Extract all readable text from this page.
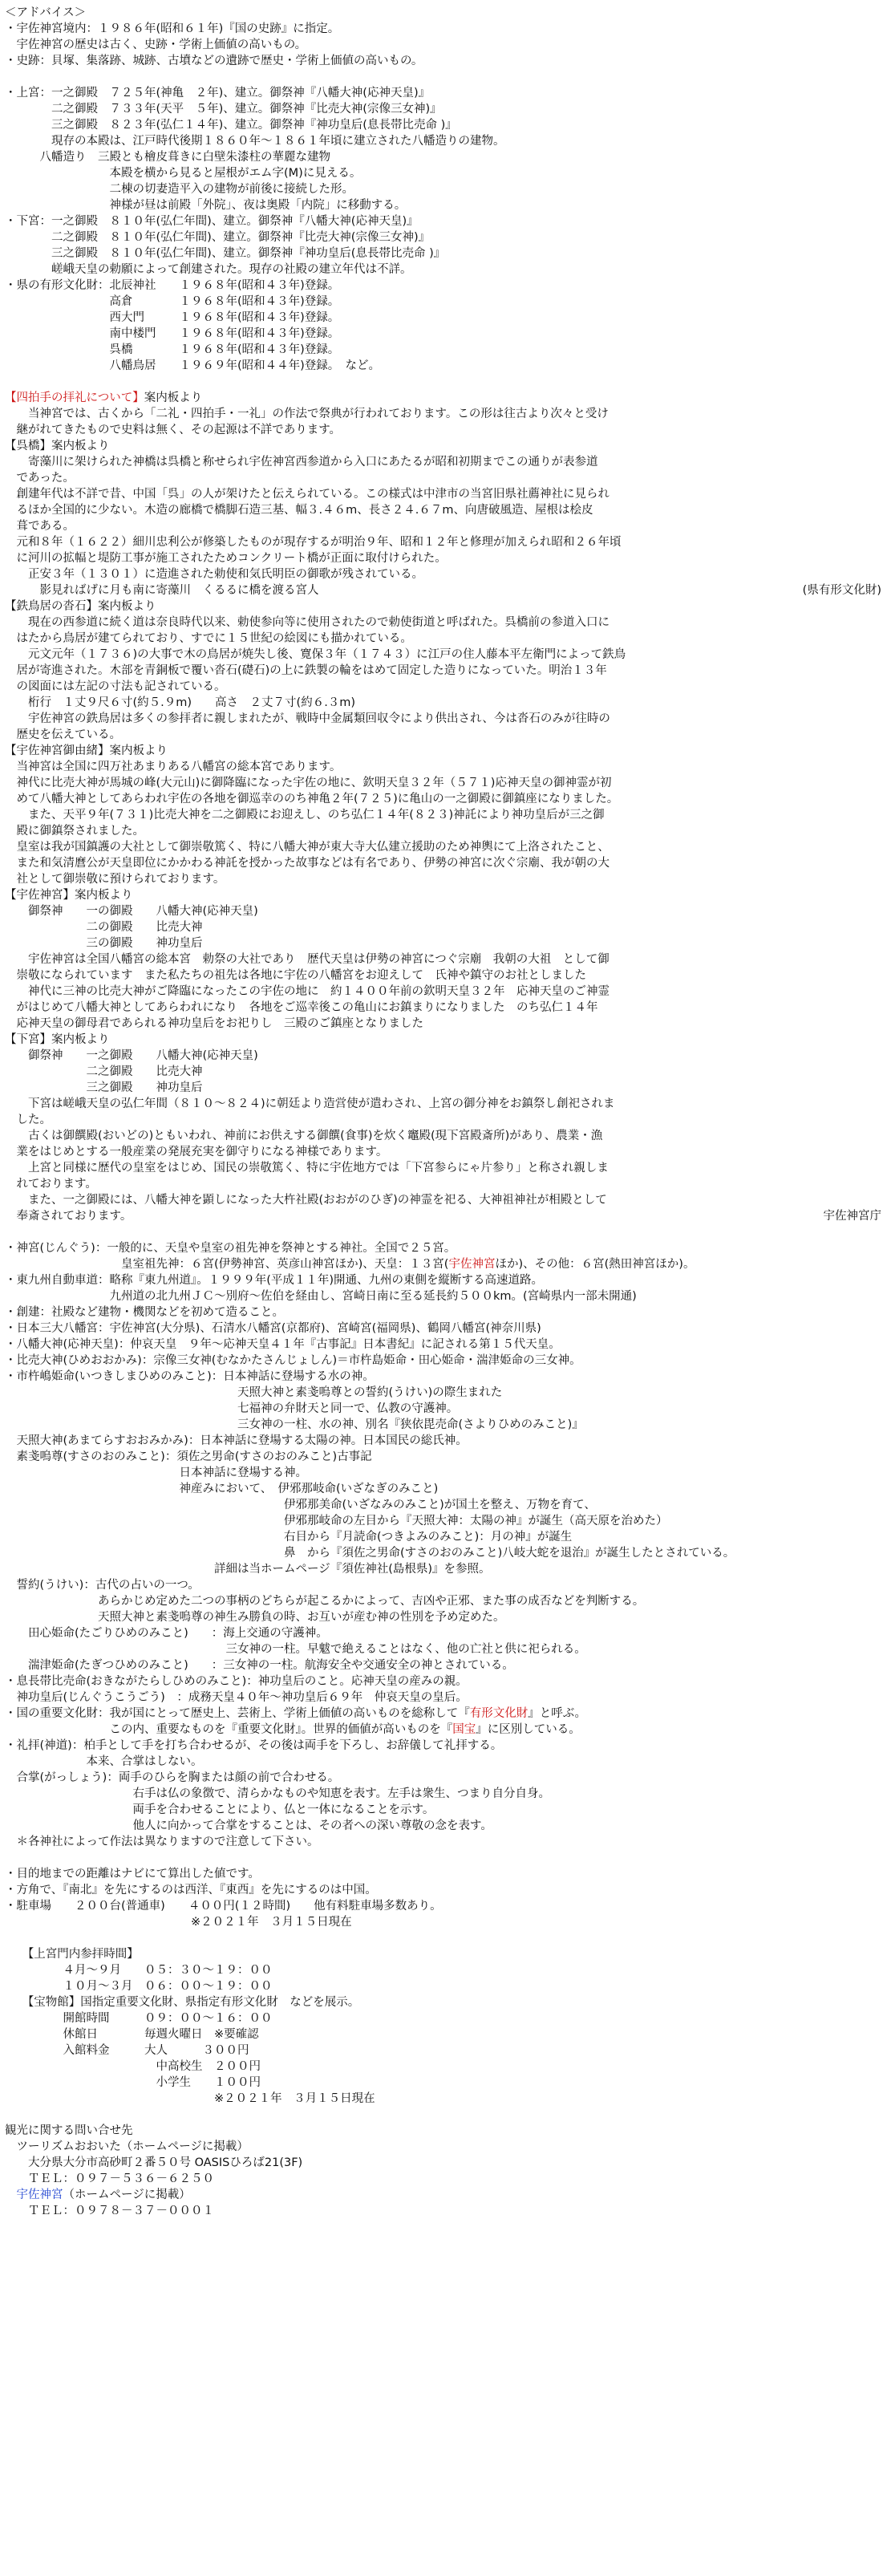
＜アドバイス＞
・宇佐神宮境内：１９８６年(昭和６１年)『国の史跡』に指定。
　宇佐神宮の歴史は古く、史跡・学術上価値の高いもの。
・史跡：貝塚、集落跡、城跡、古墳などの遺跡で歴史・学術上価値の高いもの。
・上宮：一之御殿　７２５年(神亀　２年)、建立。御祭神『八幡大神(応神天皇)』
　　　　二之御殿　７３３年(天平　５年)、建立。御祭神『比売大神(宗像三女神)』
　　　　三之御殿　８２３年(弘仁１４年)、建立。御祭神『神功皇后(息長帯比売命 )』
　　　　現存の本殿は、江戸時代後期１８６０年～１８６１年頃に建立された八幡造りの建物。
　　　八幡造り　三殿とも檜皮葺きに白壁朱漆柱の華麗な建物
　　　　　　　　　本殿を横から見ると屋根がエム字(M)に見える。
　　　　　　　　　二棟の切妻造平入の建物が前後に接続した形。
　　　　　　　　　神様が昼は前殿「外院」、夜は奥殿「内院」に移動する。
・下宮：一之御殿　８１０年(弘仁年間)、建立。御祭神『八幡大神(応神天皇)』
　　　　二之御殿　８１０年(弘仁年間)、建立。御祭神『比売大神(宗像三女神)』
　　　　三之御殿　８１０年(弘仁年間)、建立。御祭神『神功皇后(息長帯比売命 )』
　　　　嵯峨天皇の勅願によって創建された。現存の社殿の建立年代は不詳。
・県の有形文化財：北辰神社　　１９６８年(昭和４３年)登録。
　　　　　　　　　高倉　　　　１９６８年(昭和４３年)登録。
　　　　　　　　　西大門　　　１９６８年(昭和４３年)登録。
　　　　　　　　　南中楼門　　１９６８年(昭和４３年)登録。
　　　　　　　　　呉橋　　　　１９６８年(昭和４３年)登録。
　　　　　　　　　八幡鳥居　　１９６９年(昭和４４年)登録。　など。
【四拍手の拝礼について】案内板より
　　当神宮では、古くから「二礼・四拍手・一礼」の作法で祭典が行われております。この形は往古より次々と受け
　継がれてきたもので史料は無く、その起源は不詳であります。
【呉橋】案内板より
　　寄藻川に架けられた神橋は呉橋と称せられ宇佐神宮西参道から入口にあたるが昭和初期までこの通りが表参道
　であった。
　創建年代は不詳で昔、中国「呉」の人が架けたと伝えられている。この様式は中津市の当宮旧県社薦神社に見られ
　るほか全国的に少ない。木造の廊橋で橋脚石造三基、幅３.４６m、長さ２４.６７m、向唐破風造、屋根は桧皮
　葺である。
　元和８年（１６２２）細川忠利公が修築したものが現存するが明治９年、昭和１２年と修理が加えられ昭和２６年頃
　に河川の拡幅と堤防工事が施工されたためコンクリート橋が正面に取付けられた。
　　正安３年（１３０１）に造進された勅使和気氏明臣の御歌が残されている。
　　　影見ればげに月も南に寄藻川　くるるに橋を渡る宮人	(県有形文化財)
【鉄鳥居の沓石】案内板より
　　現在の西参道に続く道は奈良時代以来、勅使参向等に使用されたので勅使街道と呼ばれた。呉橋前の参道入口に
　はたから鳥居が建てられており、すでに１５世紀の絵図にも描かれている。
　　元文元年（１７３６)の大事で木の鳥居が焼失し後、寛保３年（１７４３）に江戸の住人藤本平左衛門によって鉄鳥
　居が寄進された。木部を青銅板で覆い沓石(礎石)の上に鉄製の輪をはめて固定した造りになっていた。明治１３年
　の図面には左記の寸法も記されている。
　　桁行　１丈９尺６寸(約５.９m)　　高さ　２丈７寸(約６.３m)
　　宇佐神宮の鉄鳥居は多くの参拝者に親しまれたが、戦時中金属類回収令により供出され、今は沓石のみが往時の
　歴史を伝えている。
【宇佐神宮御由緒】案内板より
　当神宮は全国に四万社あまりある八幡宮の総本宮であります。
　神代に比売大神が馬城の峰(大元山)に御降臨になった宇佐の地に、欽明天皇３２年（５７１)応神天皇の御神霊が初
　めて八幡大神としてあらわれ宇佐の各地を御巡幸ののち神亀２年(７２５)に亀山の一之御殿に御鎮座になりました。
　　また、天平９年(７３１)比売大神を二之御殿にお迎えし、のち弘仁１４年(８２３)神託により神功皇后が三之御
　殿に御鎮祭されました。
　皇室は我が国鎮護の大社として御崇敬篤く、特に八幡大神が東大寺大仏建立援助のため神輿にて上洛されたこと、
　また和気清麿公が天皇即位にかかわる神託を授かった故事などは有名であり、伊勢の神宮に次ぐ宗廟、我が朝の大
　社として御崇敬に預けられております。
【宇佐神宮】案内板より
　　御祭神　　一の御殿　　八幡大神(応神天皇)
　　　　　　　二の御殿　　比売大神
　　　　　　　三の御殿　　神功皇后
　　宇佐神宮は全国八幡宮の総本宮　勅祭の大社であり　歴代天皇は伊勢の神宮につぐ宗廟　我朝の大祖　として御
　崇敬になられています　また私たちの祖先は各地に宇佐の八幡宮をお迎えして　氏神や鎮守のお社としました
　　神代に三神の比売大神がご降臨になったこの宇佐の地に　約１４００年前の欽明天皇３２年　応神天皇のご神霊
　がはじめて八幡大神としてあらわれになり　各地をご巡幸後この亀山にお鎮まりになりました　のち弘仁１４年
　応神天皇の御母君であられる神功皇后をお祀りし　三殿のご鎮座となりました
【下宮】案内板より
　　御祭神　　一之御殿　　八幡大神(応神天皇)
　　　　　　　二之御殿　　比売大神
　　　　　　　三之御殿　　神功皇后
　　下宮は嵯峨天皇の弘仁年間（８１０～８２４)に朝廷より造営使が遣わされ、上宮の御分神をお鎮祭し創祀されま
　した。
　　古くは御饌殿(おいどの)ともいわれ、神前にお供えする御饌(食事)を炊く竈殿(現下宮殿斎所)があり、農業・漁
　業をはじめとする一般産業の発展充実を御守りになる神様であります。
　　上宮と同様に歴代の皇室をはじめ、国民の崇敬篤く、特に宇佐地方では「下宮参らにゃ片参り」と称され親しま
　れております。
　　また、一之御殿には、八幡大神を顕しになった大杵社殿(おおがのひぎ)の神霊を祀る、大神祖神社が相殿として
　奉斎されております。	宇佐神宮庁
・神宮(じんぐう)：一般的に、天皇や皇室の祖先神を祭神とする神社。全国で２５宮。
　　　　　　　　　　皇室祖先神：６宮(伊勢神宮、英彦山神宮ほか)、天皇：１３宮(宇佐神宮ほか)、その他：６宮(熱田神宮ほか)。
・東九州自動車道：略称『東九州道』。１９９９年(平成１１年)開通、九州の東側を縦断する高速道路。
　　　　　　　　　九州道の北九州ＪＣ～別府～佐伯を経由し、宮崎日南に至る延長約５００km。(宮崎県内一部未開通)
・創建：社殿など建物・機関などを初めて造ること。
・日本三大八幡宮：宇佐神宮(大分県)、石清水八幡宮(京都府)、宮崎宮(福岡県)、鶴岡八幡宮(神奈川県)
・八幡大神(応神天皇)：仲哀天皇　９年～応神天皇４１年『古事記』日本書紀』に記される第１５代天皇。
・比売大神(ひめおおかみ)：宗像三女神(むなかたさんじょしん)＝市杵島姫命・田心姫命・湍津姫命の三女神。
・市杵嶋姫命(いつきしまひめのみこと)：日本神話に登場する水の神。
　　　　　　　　　　　　　　　　　　　　天照大神と素戔嗚尊との誓約(うけい)の際生まれた
　　　　　　　　　　　　　　　　　　　　七福神の弁財天と同一で、仏教の守護神。
　　　　　　　　　　　　　　　　　　　　三女神の一柱、水の神、別名『狭依毘売命(さよりひめのみこと)』
　天照大神(あまてらすおおみかみ)：日本神話に登場する太陽の神。日本国民の総氏神。
　素戔嗚尊(すさのおのみこと)：須佐之男命(すさのおのみこと)古事記
　　　　　　　　　　　　　　　日本神話に登場する神。
　　　　　　　　　　　　　　　神産みにおいて、　伊邪那岐命(いざなぎのみこと)
　　　　　　　　　　　　　　　　　　　　　　　　伊邪那美命(いざなみのみこと)が国土を整え、万物を育て、
　　　　　　　　　　　　　　　　　　　　　　　　伊邪那岐命の左目から『天照大神：太陽の神』が誕生（高天原を治めた）
　　　　　　　　　　　　　　　　　　　　　　　　右目から『月読命(つきよみのみこと)：月の神』が誕生
　　　　　　　　　　　　　　　　　　　　　　　　鼻　から『須佐之男命(すさのおのみこと)八岐大蛇を退治』が誕生したとされている。
　　　　　　　　　　　　　　　　　　詳細は当ホームページ『須佐神社(島根県)』を参照。
　誓約(うけい)：古代の占いの一つ。
　　　　　　　　あらかじめ定めた二つの事柄のどちらが起こるかによって、吉凶や正邪、また事の成否などを判断する。
　　　　　　　　天照大神と素戔嗚尊の神生み勝負の時、お互いが産む神の性別を予め定めた。
　　田心姫命(たごりひめのみこと)　　：海上交通の守護神。
　　　　　　　　　　　　　　　　　　　三女神の一柱。早魃で絶えることはなく、他の亡社と供に祀られる。
　　湍津姫命(たぎつひめのみこと)　　：三女神の一柱。航海安全や交通安全の神とされている。
・息長帯比売命(おきながたらしひめのみこと)：神功皇后のこと。応神天皇の産みの親。
　神功皇后(じんぐうこうごう)　：成務天皇４０年～神功皇后６９年　仲哀天皇の皇后。
・国の重要文化財：我が国にとって歴史上、芸術上、学術上価値の高いものを総称して『有形文化財』と呼ぶ。
　　　　　　　　　この内、重要なものを『重要文化財』。世界的価値が高いものを『国宝』に区別している。
・礼拝(神道)：柏手として手を打ち合わせるが、その後は両手を下ろし、お辞儀して礼拝する。
　　　　　　　本来、合掌はしない。
　合掌(がっしょう)：両手のひらを胸または顔の前で合わせる。
　　　　　　　　　　　右手は仏の象徴で、清らかなものや知恵を表す。左手は衆生、つまり自分自身。
　　　　　　　　　　　両手を合わせることにより、仏と一体になることを示す。
　　　　　　　　　　　他人に向かって合掌をすることは、その者への深い尊敬の念を表す。
　＊各神社によって作法は異なりますので注意して下さい。
・目的地までの距離はナビにて算出した値です。
・方角で、『南北』を先にするのは西洋、『東西』を先にするのは中国。
・駐車場　　２００台(普通車)　　４００円(１２時間)　　他有料駐車場多数あり。
　　　　　　　　　　　　　　　　※２０２１年　３月１５日現在
　　【上宮門内参拝時間】
　　　　　４月～９月　　０５：３０～１９：００
　　　　　１０月～３月　０６：００～１９：００
　　【宝物館】国指定重要文化財、県指定有形文化財　などを展示。
　　　　　開館時間　　　０９：００～１６：００
　　　　　休館日　　　　毎週火曜日　※要確認
　　　　　入館料金　　　大人　　　３００円
　　　　　　　　　　　　　中高校生　２００円
　　　　　　　　　　　　　小学生　　１００円
　　　　　　　　　　　　　　　　　　※２０２１年　３月１５日現在
観光に関する問い合せ先
　ツーリズムおおいた（ホームページに掲載）
　　大分県大分市高砂町２番５０号 OASISひろば21(3F)
　　ＴＥＬ：０９７－５３６－６２５０
　宇佐神宮（ホームページに掲載）
　　ＴＥＬ：０９７８－３７－０００１
